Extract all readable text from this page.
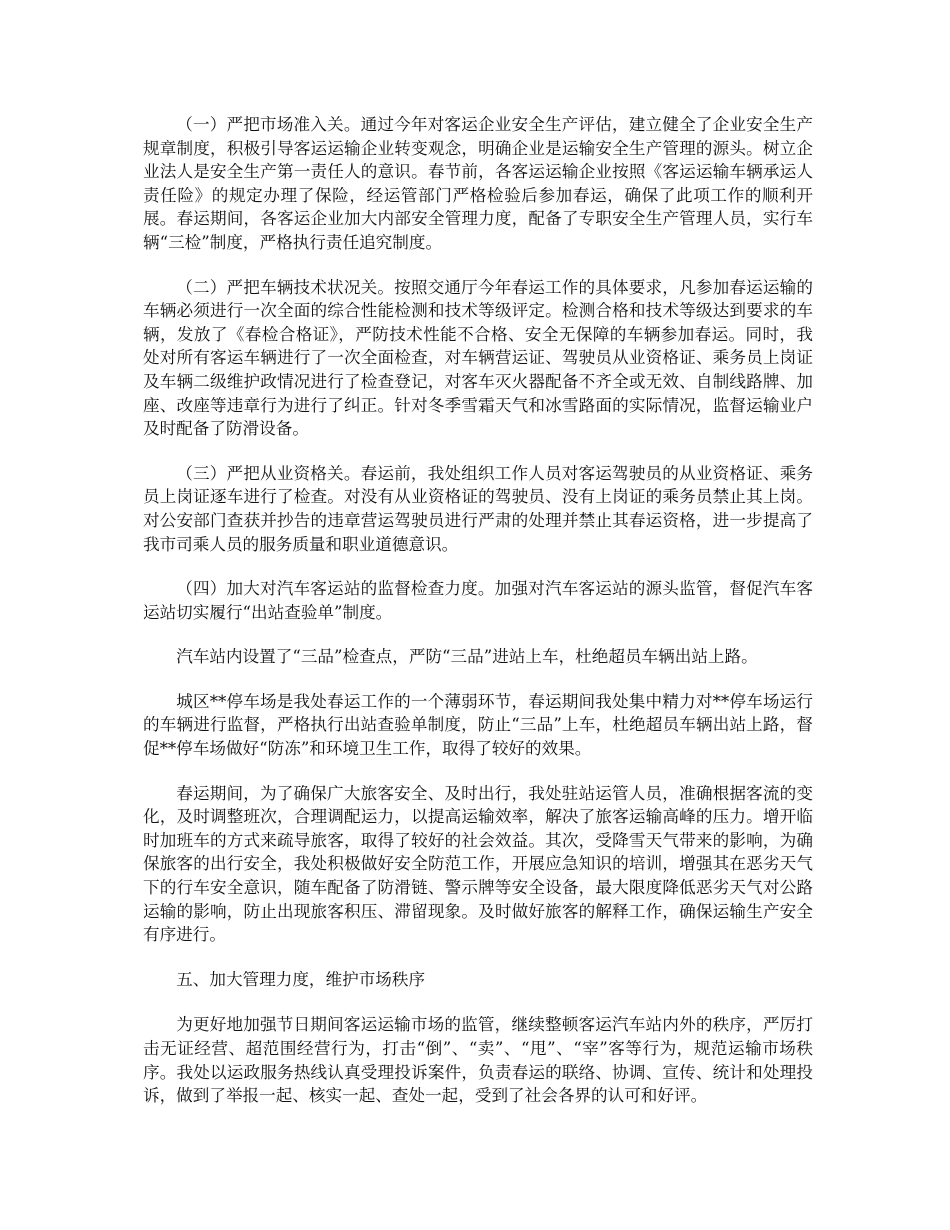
（一）严把市场准入关。通过今年对客运企业安全生产评估，建立健全了企业安全生产规章制度，积极引导客运运输企业转变观念，明确企业是运输安全生产管理的源头。树立企业法人是安全生产第一责任人的意识。春节前，各客运运输企业按照《客运运输车辆承运人责任险》的规定办理了保险，经运管部门严格检验后参加春运，确保了此项工作的顺利开展。春运期间，各客运企业加大内部安全管理力度，配备了专职安全生产管理人员，实行车辆“三检”制度，严格执行责任追究制度。

（二）严把车辆技术状况关。按照交通厅今年春运工作的具体要求，凡参加春运运输的车辆必须进行一次全面的综合性能检测和技术等级评定。检测合格和技术等级达到要求的车辆，发放了《春检合格证》，严防技术性能不合格、安全无保障的车辆参加春运。同时，我处对所有客运车辆进行了一次全面检查，对车辆营运证、驾驶员从业资格证、乘务员上岗证及车辆二级维护政情况进行了检查登记，对客车灭火器配备不齐全或无效、自制线路牌、加座、改座等违章行为进行了纠正。针对冬季雪霜天气和冰雪路面的实际情况，监督运输业户及时配备了防滑设备。

（三）严把从业资格关。春运前，我处组织工作人员对客运驾驶员的从业资格证、乘务员上岗证逐车进行了检查。对没有从业资格证的驾驶员、没有上岗证的乘务员禁止其上岗。对公安部门查获并抄告的违章营运驾驶员进行严肃的处理并禁止其春运资格，进一步提高了我市司乘人员的服务质量和职业道德意识。

（四）加大对汽车客运站的监督检查力度。加强对汽车客运站的源头监管，督促汽车客运站切实履行“出站查验单”制度。

汽车站内设置了“三品”检查点，严防“三品”进站上车，杜绝超员车辆出站上路。

城区**停车场是我处春运工作的一个薄弱环节，春运期间我处集中精力对**停车场运行的车辆进行监督，严格执行出站查验单制度，防止“三品”上车，杜绝超员车辆出站上路，督促**停车场做好“防冻”和环境卫生工作，取得了较好的效果。

春运期间，为了确保广大旅客安全、及时出行，我处驻站运管人员，准确根据客流的变化，及时调整班次，合理调配运力，以提高运输效率，解决了旅客运输高峰的压力。增开临时加班车的方式来疏导旅客，取得了较好的社会效益。其次，受降雪天气带来的影响，为确保旅客的出行安全，我处积极做好安全防范工作，开展应急知识的培训，增强其在恶劣天气下的行车安全意识，随车配备了防滑链、警示牌等安全设备，最大限度降低恶劣天气对公路运输的影响，防止出现旅客积压、滞留现象。及时做好旅客的解释工作，确保运输生产安全有序进行。

五、加大管理力度，维护市场秩序

为更好地加强节日期间客运运输市场的监管，继续整顿客运汽车站内外的秩序，严厉打击无证经营、超范围经营行为，打击“倒”、“卖”、“甩”、“宰”客等行为，规范运输市场秩序。我处以运政服务热线认真受理投诉案件，负责春运的联络、协调、宣传、统计和处理投诉，做到了举报一起、核实一起、查处一起，受到了社会各界的认可和好评。
